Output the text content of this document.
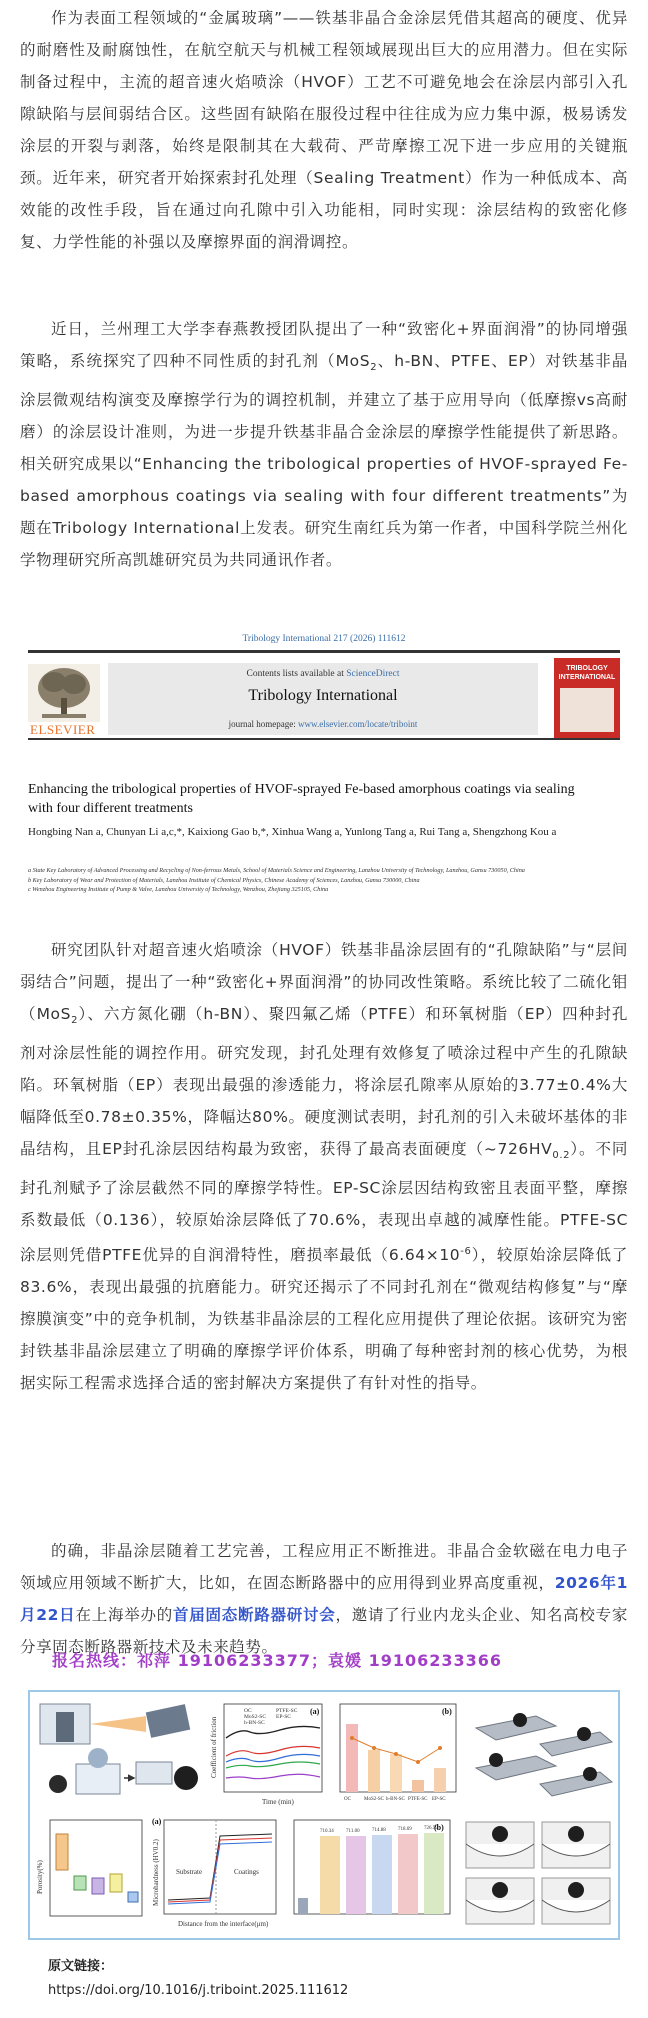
作为表面工程领域的“金属玻璃”——铁基非晶合金涂层凭借其超高的硬度、优异的耐磨性及耐腐蚀性，在航空航天与机械工程领域展现出巨大的应用潜力。但在实际制备过程中，主流的超音速火焰喷涂（HVOF）工艺不可避免地会在涂层内部引入孔隙缺陷与层间弱结合区。这些固有缺陷在服役过程中往往成为应力集中源，极易诱发涂层的开裂与剥落，始终是限制其在大载荷、严苛摩擦工况下进一步应用的关键瓶颈。近年来，研究者开始探索封孔处理（Sealing Treatment）作为一种低成本、高效能的改性手段，旨在通过向孔隙中引入功能相，同时实现：涂层结构的致密化修复、力学性能的补强以及摩擦界面的润滑调控。

近日，兰州理工大学李春燕教授团队提出了一种“致密化+界面润滑”的协同增强策略，系统探究了四种不同性质的封孔剂（MoS$_2$、h-BN、PTFE、EP）对铁基非晶涂层微观结构演变及摩擦学行为的调控机制，并建立了基于应用导向（低摩擦vs高耐磨）的涂层设计准则，为进一步提升铁基非晶合金涂层的摩擦学性能提供了新思路。相关研究成果以“Enhancing the tribological properties of HVOF-sprayed Fe-based amorphous coatings via sealing with four different treatments”为题在Tribology International上发表。研究生南红兵为第一作者，中国科学院兰州化学物理研究所高凯雄研究员为共同通讯作者。

Tribology International 217 (2026) 111612
ELSEVIER
Contents lists available at ScienceDirect
Tribology International
journal homepage: www.elsevier.com/locate/triboint
TRIBOLOGY INTERNATIONAL
Enhancing the tribological properties of HVOF-sprayed Fe-based amorphous coatings via sealing with four different treatments
Hongbing Nan a, Chunyan Li a,c,*, Kaixiong Gao b,*, Xinhua Wang a, Yunlong Tang a, Rui Tang a, Shengzhong Kou a
a State Key Laboratory of Advanced Processing and Recycling of Non-ferrous Metals, School of Materials Science and Engineering, Lanzhou University of Technology, Lanzhou, Gansu 730050, China
b Key Laboratory of Wear and Protection of Materials, Lanzhou Institute of Chemical Physics, Chinese Academy of Sciences, Lanzhou, Gansu 730000, China
c Wenzhou Engineering Institute of Pump & Valve, Lanzhou University of Technology, Wenzhou, Zhejiang 325105, China

研究团队针对超音速火焰喷涂（HVOF）铁基非晶涂层固有的“孔隙缺陷”与“层间弱结合”问题，提出了一种“致密化+界面润滑”的协同改性策略。系统比较了二硫化钼（MoS$_2$）、六方氮化硼（h-BN）、聚四氟乙烯（PTFE）和环氧树脂（EP）四种封孔剂对涂层性能的调控作用。研究发现，封孔处理有效修复了喷涂过程中产生的孔隙缺陷。环氧树脂（EP）表现出最强的渗透能力，将涂层孔隙率从原始的3.77±0.4%大幅降低至0.78±0.35%，降幅达80%。硬度测试表明，封孔剂的引入未破坏基体的非晶结构，且EP封孔涂层因结构最为致密，获得了最高表面硬度$(\sim 726HV_{0.2})$。不同封孔剂赋予了涂层截然不同的摩擦学特性。EP-SC涂层因结构致密且表面平整，摩擦系数最低（0.136），较原始涂层降低了70.6%，表现出卓越的减摩性能。PTFE-SC涂层则凭借PTFE优异的自润滑特性，磨损率最低$(6.64\times 10^{-6})$，较原始涂层降低了83.6%，表现出最强的抗磨能力。研究还揭示了不同封孔剂在“微观结构修复”与“摩擦膜演变”中的竞争机制，为铁基非晶涂层的工程化应用提供了理论依据。该研究为密封铁基非晶涂层建立了明确的摩擦学评价体系，明确了每种密封剂的核心优势，为根据实际工程需求选择合适的密封解决方案提供了有针对性的指导。

的确，非晶涂层随着工艺完善，工程应用正不断推进。非晶合金软磁在电力电子领域应用领域不断扩大，比如，在固态断路器中的应用得到业界高度重视，2026年1月22日在上海举办的首届固态断路器研讨会，邀请了行业内龙头企业、知名高校专家分享固态断路器新技术及未来趋势。

报名热线：祁萍 19106233377；袁媛 19106233366

(a)
Coefficient of friction
Time (min)
OC
MoS2-SC
h-BN-SC
PTFE-SC
EP-SC
(b)
OC	MoS2-SC h-BN-SC PTFE-SC EP-SC
Porosity(%)
(a)
Microhardness (HV0.2)
Distance from the interface(μm)
Substrate	Coatings
(b)
710.34 711.00 714.88 718.69 726.59

原文链接：

https://doi.org/10.1016/j.triboint.2025.111612
